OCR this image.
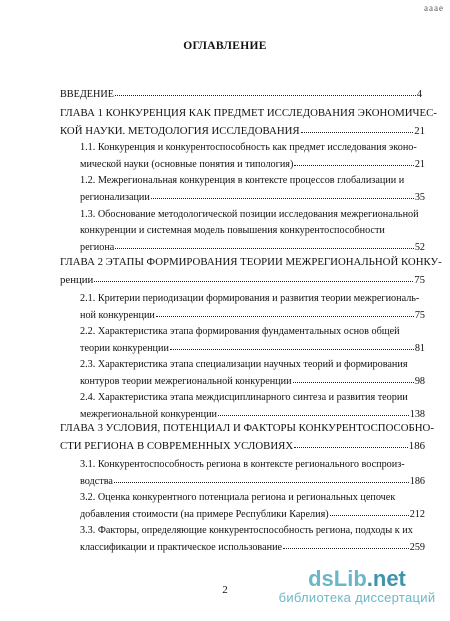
ааае
ОГЛАВЛЕНИЕ
ВВЕДЕНИЕ	4
ГЛАВА 1 КОНКУРЕНЦИЯ КАК ПРЕДМЕТ ИССЛЕДОВАНИЯ ЭКОНОМИЧЕС-
КОЙ НАУКИ. МЕТОДОЛОГИЯ ИССЛЕДОВАНИЯ	21
1.1. Конкуренция и конкурентоспособность как предмет исследования эконо-
мической науки (основные понятия и типология)	21
1.2. Межрегиональная конкуренция в контексте процессов глобализации и
регионализации	35
1.3. Обоснование методологической позиции исследования межрегиональной
конкуренции и системная модель повышения конкурентоспособности
региона	52
ГЛАВА 2 ЭТАПЫ ФОРМИРОВАНИЯ ТЕОРИИ МЕЖРЕГИОНАЛЬНОЙ КОНКУ-
ренции	75
2.1. Критерии периодизации формирования и развития теории межрегиональ-
ной конкуренции	75
2.2. Характеристика этапа формирования фундаментальных основ общей
теории конкуренции	81
2.3. Характеристика этапа специализации научных теорий и формирования
контуров теории межрегиональной конкуренции	98
2.4. Характеристика этапа междисциплинарного синтеза и развития теории
межрегиональной конкуренции	138
ГЛАВА 3 УСЛОВИЯ, ПОТЕНЦИАЛ И ФАКТОРЫ КОНКУРЕНТОСПОСОБНО-
СТИ РЕГИОНА В СОВРЕМЕННЫХ УСЛОВИЯХ	186
3.1. Конкурентоспособность региона в контексте регионального воспроиз-
водства	186
3.2. Оценка конкурентного потенциала региона и региональных цепочек
добавления стоимости (на примере Республики Карелия)	212
3.3. Факторы, определяющие конкурентоспособность региона, подходы к их
классификации и практическое использование	259
2	dsLib.net
библиотека диссертаций
